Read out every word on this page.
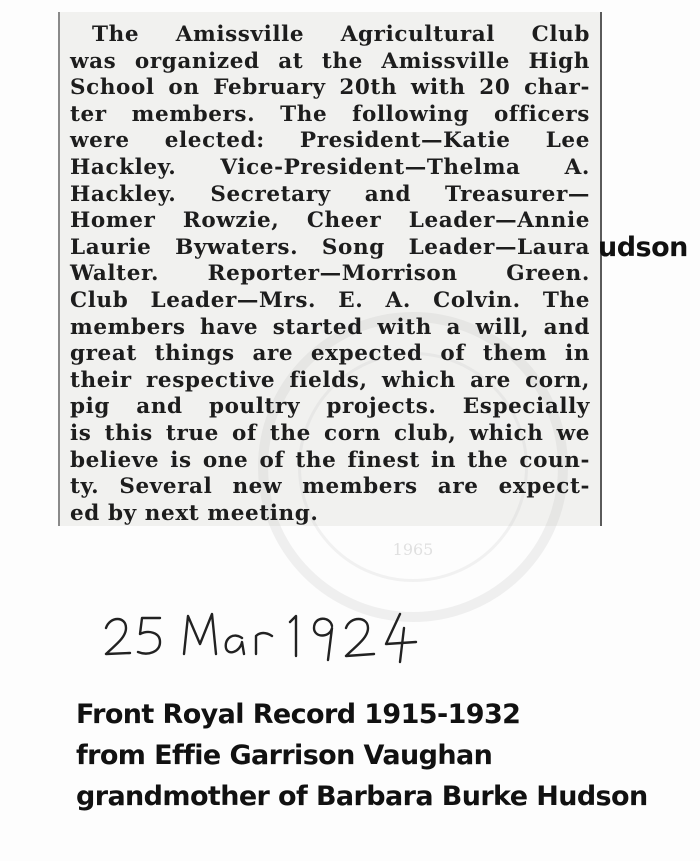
1965
The Amissville Agricultural Club
was organized at the Amissville High
School on February 20th with 20 char-
ter members. The following officers
were elected: President—Katie Lee
Hackley. Vice-President—Thelma A.
Hackley. Secretary and Treasurer—
Homer Rowzie, Cheer Leader—Annie
Laurie Bywaters. Song Leader—Laura
Walter. Reporter—Morrison Green.
Club Leader—Mrs. E. A. Colvin. The
members have started with a will, and
great things are expected of them in
their respective fields, which are corn,
pig and poultry projects. Especially
is this true of the corn club, which we
believe is one of the finest in the coun-
ty. Several new members are expect-
ed by next meeting.
udson
Front Royal Record 1915-1932
from Effie Garrison Vaughan
grandmother of Barbara Burke Hudson
